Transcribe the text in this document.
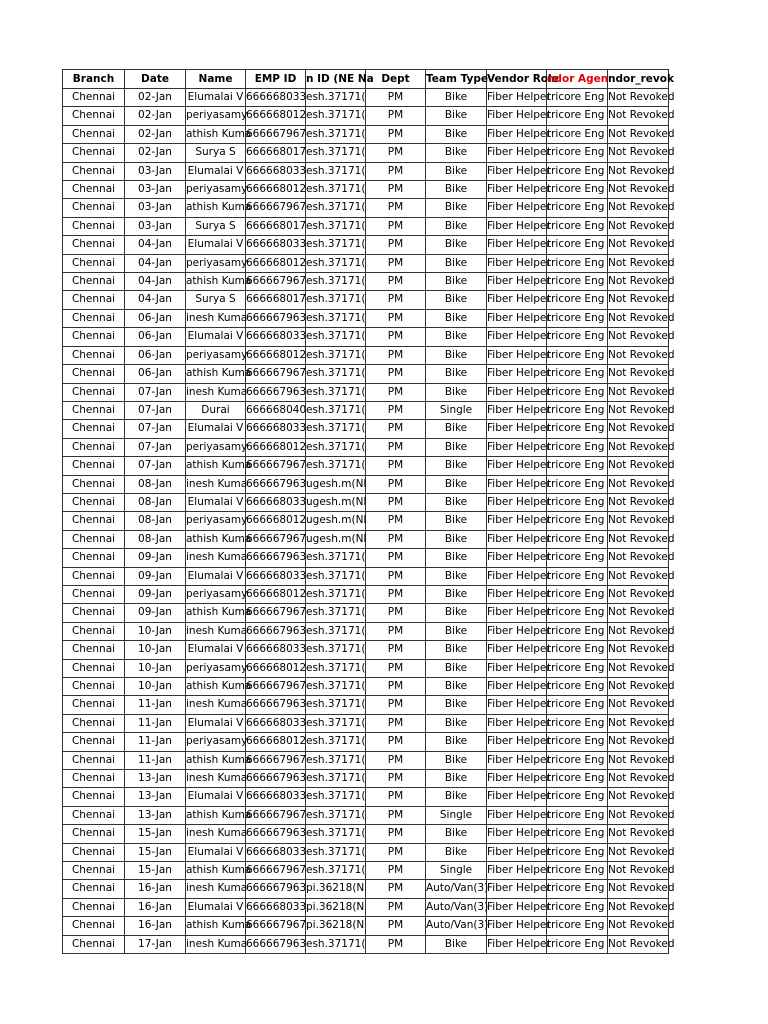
Branch	Date	Name	EMP ID	n ID (NE Na	Dept	Team Type	Vendor Role	ndor Agen	ndor_revok
Chennai	02-Jan	Elumalai V	666668033	esh.37171(	PM	Bike	Fiber Helper	tricore Eng	Not Revoked
Chennai	02-Jan	periyasamy	666668012	esh.37171(	PM	Bike	Fiber Helper	tricore Eng	Not Revoked
Chennai	02-Jan	athish Kuma	666667967	esh.37171(	PM	Bike	Fiber Helper	tricore Eng	Not Revoked
Chennai	02-Jan	Surya S	666668017	esh.37171(	PM	Bike	Fiber Helper	tricore Eng	Not Revoked
Chennai	03-Jan	Elumalai V	666668033	esh.37171(	PM	Bike	Fiber Helper	tricore Eng	Not Revoked
Chennai	03-Jan	periyasamy	666668012	esh.37171(	PM	Bike	Fiber Helper	tricore Eng	Not Revoked
Chennai	03-Jan	athish Kuma	666667967	esh.37171(	PM	Bike	Fiber Helper	tricore Eng	Not Revoked
Chennai	03-Jan	Surya S	666668017	esh.37171(	PM	Bike	Fiber Helper	tricore Eng	Not Revoked
Chennai	04-Jan	Elumalai V	666668033	esh.37171(	PM	Bike	Fiber Helper	tricore Eng	Not Revoked
Chennai	04-Jan	periyasamy	666668012	esh.37171(	PM	Bike	Fiber Helper	tricore Eng	Not Revoked
Chennai	04-Jan	athish Kuma	666667967	esh.37171(	PM	Bike	Fiber Helper	tricore Eng	Not Revoked
Chennai	04-Jan	Surya S	666668017	esh.37171(	PM	Bike	Fiber Helper	tricore Eng	Not Revoked
Chennai	06-Jan	inesh Kuma	666667963	esh.37171(	PM	Bike	Fiber Helper	tricore Eng	Not Revoked
Chennai	06-Jan	Elumalai V	666668033	esh.37171(	PM	Bike	Fiber Helper	tricore Eng	Not Revoked
Chennai	06-Jan	periyasamy	666668012	esh.37171(	PM	Bike	Fiber Helper	tricore Eng	Not Revoked
Chennai	06-Jan	athish Kuma	666667967	esh.37171(	PM	Bike	Fiber Helper	tricore Eng	Not Revoked
Chennai	07-Jan	inesh Kuma	666667963	esh.37171(	PM	Bike	Fiber Helper	tricore Eng	Not Revoked
Chennai	07-Jan	Durai	666668040	esh.37171(	PM	Single	Fiber Helper	tricore Eng	Not Revoked
Chennai	07-Jan	Elumalai V	666668033	esh.37171(	PM	Bike	Fiber Helper	tricore Eng	Not Revoked
Chennai	07-Jan	periyasamy	666668012	esh.37171(	PM	Bike	Fiber Helper	tricore Eng	Not Revoked
Chennai	07-Jan	athish Kuma	666667967	esh.37171(	PM	Bike	Fiber Helper	tricore Eng	Not Revoked
Chennai	08-Jan	inesh Kuma	666667963	ugesh.m(NI	PM	Bike	Fiber Helper	tricore Eng	Not Revoked
Chennai	08-Jan	Elumalai V	666668033	ugesh.m(NI	PM	Bike	Fiber Helper	tricore Eng	Not Revoked
Chennai	08-Jan	periyasamy	666668012	ugesh.m(NI	PM	Bike	Fiber Helper	tricore Eng	Not Revoked
Chennai	08-Jan	athish Kuma	666667967	ugesh.m(NI	PM	Bike	Fiber Helper	tricore Eng	Not Revoked
Chennai	09-Jan	inesh Kuma	666667963	esh.37171(	PM	Bike	Fiber Helper	tricore Eng	Not Revoked
Chennai	09-Jan	Elumalai V	666668033	esh.37171(	PM	Bike	Fiber Helper	tricore Eng	Not Revoked
Chennai	09-Jan	periyasamy	666668012	esh.37171(	PM	Bike	Fiber Helper	tricore Eng	Not Revoked
Chennai	09-Jan	athish Kuma	666667967	esh.37171(	PM	Bike	Fiber Helper	tricore Eng	Not Revoked
Chennai	10-Jan	inesh Kuma	666667963	esh.37171(	PM	Bike	Fiber Helper	tricore Eng	Not Revoked
Chennai	10-Jan	Elumalai V	666668033	esh.37171(	PM	Bike	Fiber Helper	tricore Eng	Not Revoked
Chennai	10-Jan	periyasamy	666668012	esh.37171(	PM	Bike	Fiber Helper	tricore Eng	Not Revoked
Chennai	10-Jan	athish Kuma	666667967	esh.37171(	PM	Bike	Fiber Helper	tricore Eng	Not Revoked
Chennai	11-Jan	inesh Kuma	666667963	esh.37171(	PM	Bike	Fiber Helper	tricore Eng	Not Revoked
Chennai	11-Jan	Elumalai V	666668033	esh.37171(	PM	Bike	Fiber Helper	tricore Eng	Not Revoked
Chennai	11-Jan	periyasamy	666668012	esh.37171(	PM	Bike	Fiber Helper	tricore Eng	Not Revoked
Chennai	11-Jan	athish Kuma	666667967	esh.37171(	PM	Bike	Fiber Helper	tricore Eng	Not Revoked
Chennai	13-Jan	inesh Kuma	666667963	esh.37171(	PM	Bike	Fiber Helper	tricore Eng	Not Revoked
Chennai	13-Jan	Elumalai V	666668033	esh.37171(	PM	Bike	Fiber Helper	tricore Eng	Not Revoked
Chennai	13-Jan	athish Kuma	666667967	esh.37171(	PM	Single	Fiber Helper	tricore Eng	Not Revoked
Chennai	15-Jan	inesh Kuma	666667963	esh.37171(	PM	Bike	Fiber Helper	tricore Eng	Not Revoked
Chennai	15-Jan	Elumalai V	666668033	esh.37171(	PM	Bike	Fiber Helper	tricore Eng	Not Revoked
Chennai	15-Jan	athish Kuma	666667967	esh.37171(	PM	Single	Fiber Helper	tricore Eng	Not Revoked
Chennai	16-Jan	inesh Kuma	666667963	pi.36218(N	PM	Auto/Van(3)	Fiber Helper	tricore Eng	Not Revoked
Chennai	16-Jan	Elumalai V	666668033	pi.36218(N	PM	Auto/Van(3)	Fiber Helper	tricore Eng	Not Revoked
Chennai	16-Jan	athish Kuma	666667967	pi.36218(N	PM	Auto/Van(3)	Fiber Helper	tricore Eng	Not Revoked
Chennai	17-Jan	inesh Kuma	666667963	esh.37171(	PM	Bike	Fiber Helper	tricore Eng	Not Revoked
